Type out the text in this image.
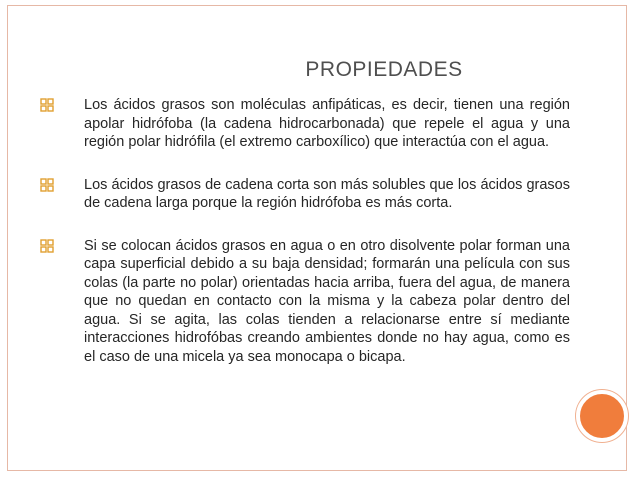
PROPIEDADES
Los ácidos grasos son moléculas anfipáticas, es decir, tienen una región apolar hidrófoba (la cadena hidrocarbonada) que repele el agua y una región polar hidrófila (el extremo carboxílico) que interactúa con el agua.
Los ácidos grasos de cadena corta son más solubles que los ácidos grasos de cadena larga porque la región hidrófoba es más corta.
Si se colocan ácidos grasos en agua o en otro disolvente polar forman una capa superficial debido a su baja densidad; formarán una película con sus colas (la parte no polar) orientadas hacia arriba, fuera del agua, de manera que no quedan en contacto con la misma y la cabeza polar dentro del agua. Si se agita, las colas tienden a relacionarse entre sí mediante interacciones hidrofóbas creando ambientes donde no hay agua, como es el caso de una micela ya sea monocapa o bicapa.
